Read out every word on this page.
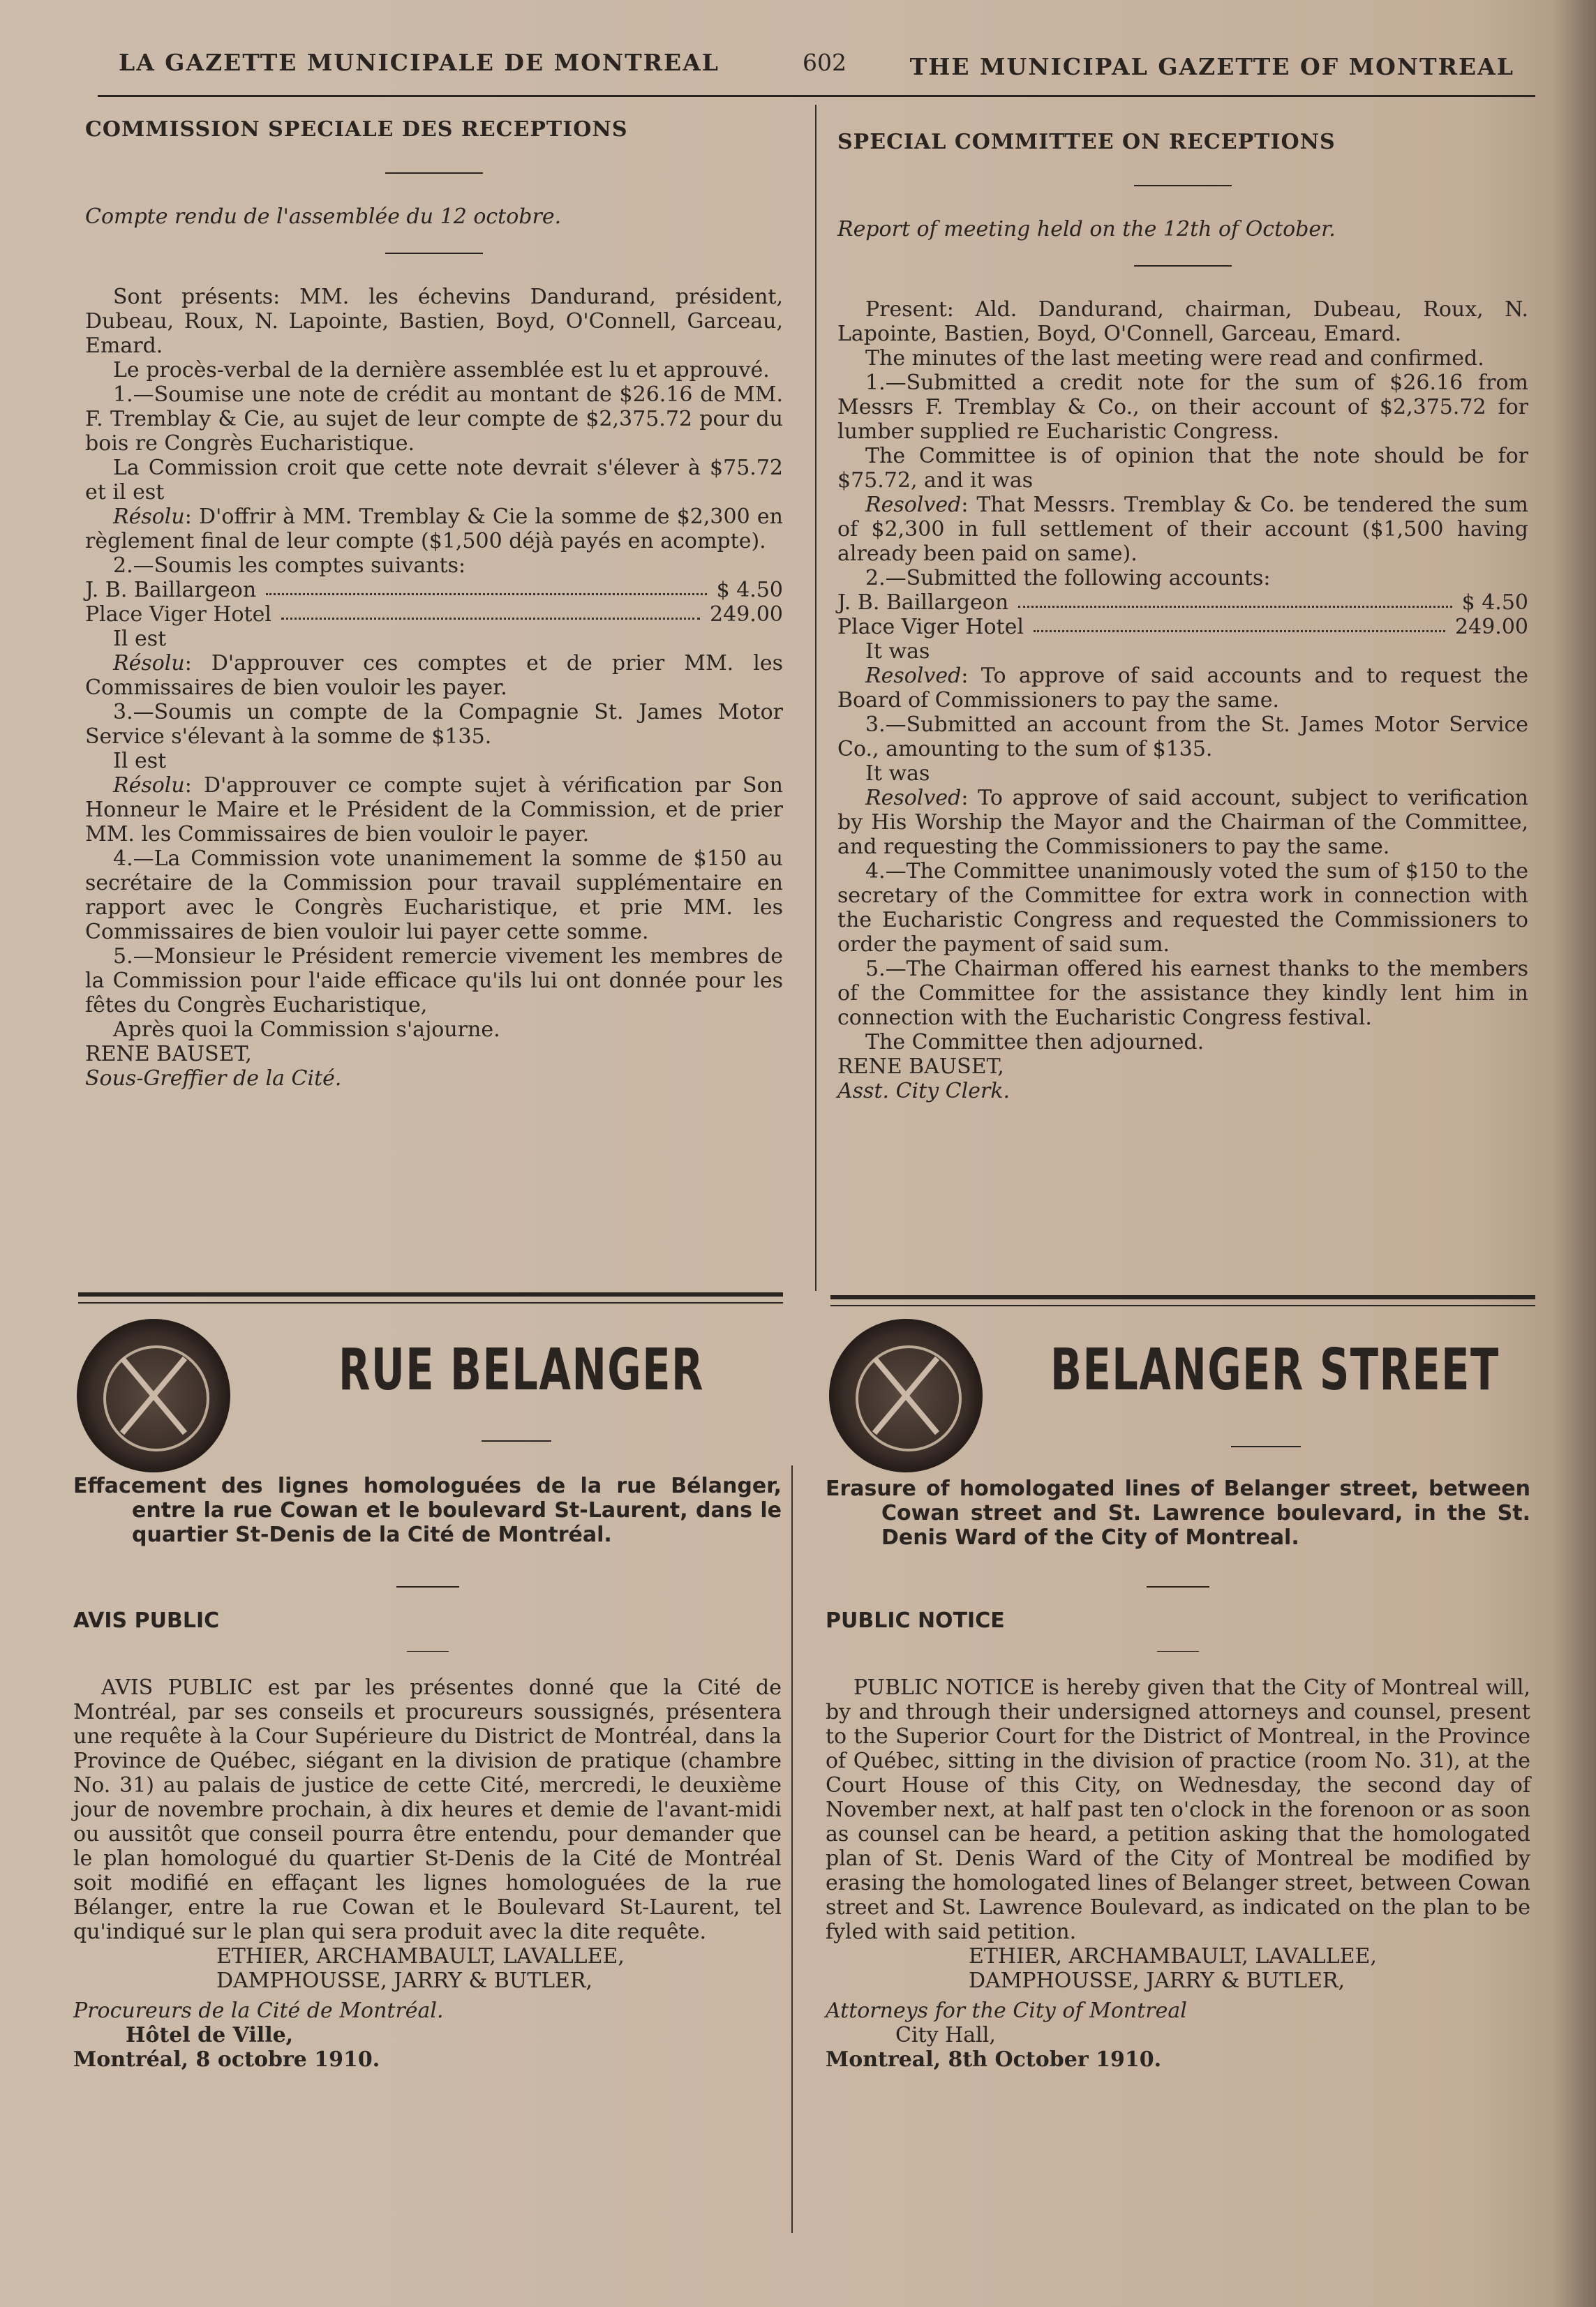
LA GAZETTE MUNICIPALE DE MONTREAL	602	THE MUNICIPAL GAZETTE OF MONTREAL

COMMISSION SPECIALE DES RECEPTIONS

Compte rendu de l'assemblée du 12 octobre.

Sont présents: MM. les échevins Dandurand, président, Dubeau, Roux, N. Lapointe, Bastien, Boyd, O'Connell, Garceau, Emard.

Le procès-verbal de la dernière assemblée est lu et approuvé.

1.—Soumise une note de crédit au montant de $26.16 de MM. F. Tremblay & Cie, au sujet de leur compte de $2,375.72 pour du bois re Congrès Eucharistique.

La Commission croit que cette note devrait s'élever à $75.72 et il est

Résolu: D'offrir à MM. Tremblay & Cie la somme de $2,300 en règlement final de leur compte ($1,500 déjà payés en acompte).

2.—Soumis les comptes suivants:

J. B. Baillargeon	$ 4.50
Place Viger Hotel	249.00

Il est

Résolu: D'approuver ces comptes et de prier MM. les Commissaires de bien vouloir les payer.

3.—Soumis un compte de la Compagnie St. James Motor Service s'élevant à la somme de $135.

Il est

Résolu: D'approuver ce compte sujet à vérification par Son Honneur le Maire et le Président de la Commission, et de prier MM. les Commissaires de bien vouloir le payer.

4.—La Commission vote unanimement la somme de $150 au secrétaire de la Commission pour travail supplémentaire en rapport avec le Congrès Eucharistique, et prie MM. les Commissaires de bien vouloir lui payer cette somme.

5.—Monsieur le Président remercie vivement les membres de la Commission pour l'aide efficace qu'ils lui ont donnée pour les fêtes du Congrès Eucharistique,

Après quoi la Commission s'ajourne.

RENE BAUSET,

Sous-Greffier de la Cité.

SPECIAL COMMITTEE ON RECEPTIONS

Report of meeting held on the 12th of October.

Present: Ald. Dandurand, chairman, Dubeau, Roux, N. Lapointe, Bastien, Boyd, O'Connell, Garceau, Emard.

The minutes of the last meeting were read and confirmed.

1.—Submitted a credit note for the sum of $26.16 from Messrs F. Tremblay & Co., on their account of $2,375.72 for lumber supplied re Eucharistic Congress.

The Committee is of opinion that the note should be for $75.72, and it was

Resolved: That Messrs. Tremblay & Co. be tendered the sum of $2,300 in full settlement of their account ($1,500 having already been paid on same).

2.—Submitted the following accounts:

J. B. Baillargeon	$ 4.50
Place Viger Hotel	249.00

It was

Resolved: To approve of said accounts and to request the Board of Commissioners to pay the same.

3.—Submitted an account from the St. James Motor Service Co., amounting to the sum of $135.

It was

Resolved: To approve of said account, subject to verification by His Worship the Mayor and the Chairman of the Committee, and requesting the Commissioners to pay the same.

4.—The Committee unanimously voted the sum of $150 to the secretary of the Committee for extra work in connection with the Eucharistic Congress and requested the Commissioners to order the payment of said sum.

5.—The Chairman offered his earnest thanks to the members of the Committee for the assistance they kindly lent him in connection with the Eucharistic Congress festival.

The Committee then adjourned.

RENE BAUSET,

Asst. City Clerk.

RUE BELANGER

Effacement des lignes homologuées de la rue Bélanger, entre la rue Cowan et le boulevard St-Laurent, dans le quartier St-Denis de la Cité de Montréal.

AVIS PUBLIC

AVIS PUBLIC est par les présentes donné que la Cité de Montréal, par ses conseils et procureurs soussignés, présentera une requête à la Cour Supérieure du District de Montréal, dans la Province de Québec, siégant en la division de pratique (chambre No. 31) au palais de justice de cette Cité, mercredi, le deuxième jour de novembre prochain, à dix heures et demie de l'avant-midi ou aussitôt que conseil pourra être entendu, pour demander que le plan homologué du quartier St-Denis de la Cité de Montréal soit modifié en effaçant les lignes homologuées de la rue Bélanger, entre la rue Cowan et le Boulevard St-Laurent, tel qu'indiqué sur le plan qui sera produit avec la dite requête.

ETHIER, ARCHAMBAULT, LAVALLEE,

DAMPHOUSSE, JARRY & BUTLER,

Procureurs de la Cité de Montréal.

Hôtel de Ville,

Montréal, 8 octobre 1910.

BELANGER STREET

Erasure of homologated lines of Belanger street, between Cowan street and St. Lawrence boulevard, in the St. Denis Ward of the City of Montreal.

PUBLIC NOTICE

PUBLIC NOTICE is hereby given that the City of Montreal will, by and through their undersigned attorneys and counsel, present to the Superior Court for the District of Montreal, in the Province of Québec, sitting in the division of practice (room No. 31), at the Court House of this City, on Wednesday, the second day of November next, at half past ten o'clock in the forenoon or as soon as counsel can be heard, a petition asking that the homologated plan of St. Denis Ward of the City of Montreal be modified by erasing the homologated lines of Belanger street, between Cowan street and St. Lawrence Boulevard, as indicated on the plan to be fyled with said petition.

ETHIER, ARCHAMBAULT, LAVALLEE,

DAMPHOUSSE, JARRY & BUTLER,

Attorneys for the City of Montreal

City Hall,

Montreal, 8th October 1910.
